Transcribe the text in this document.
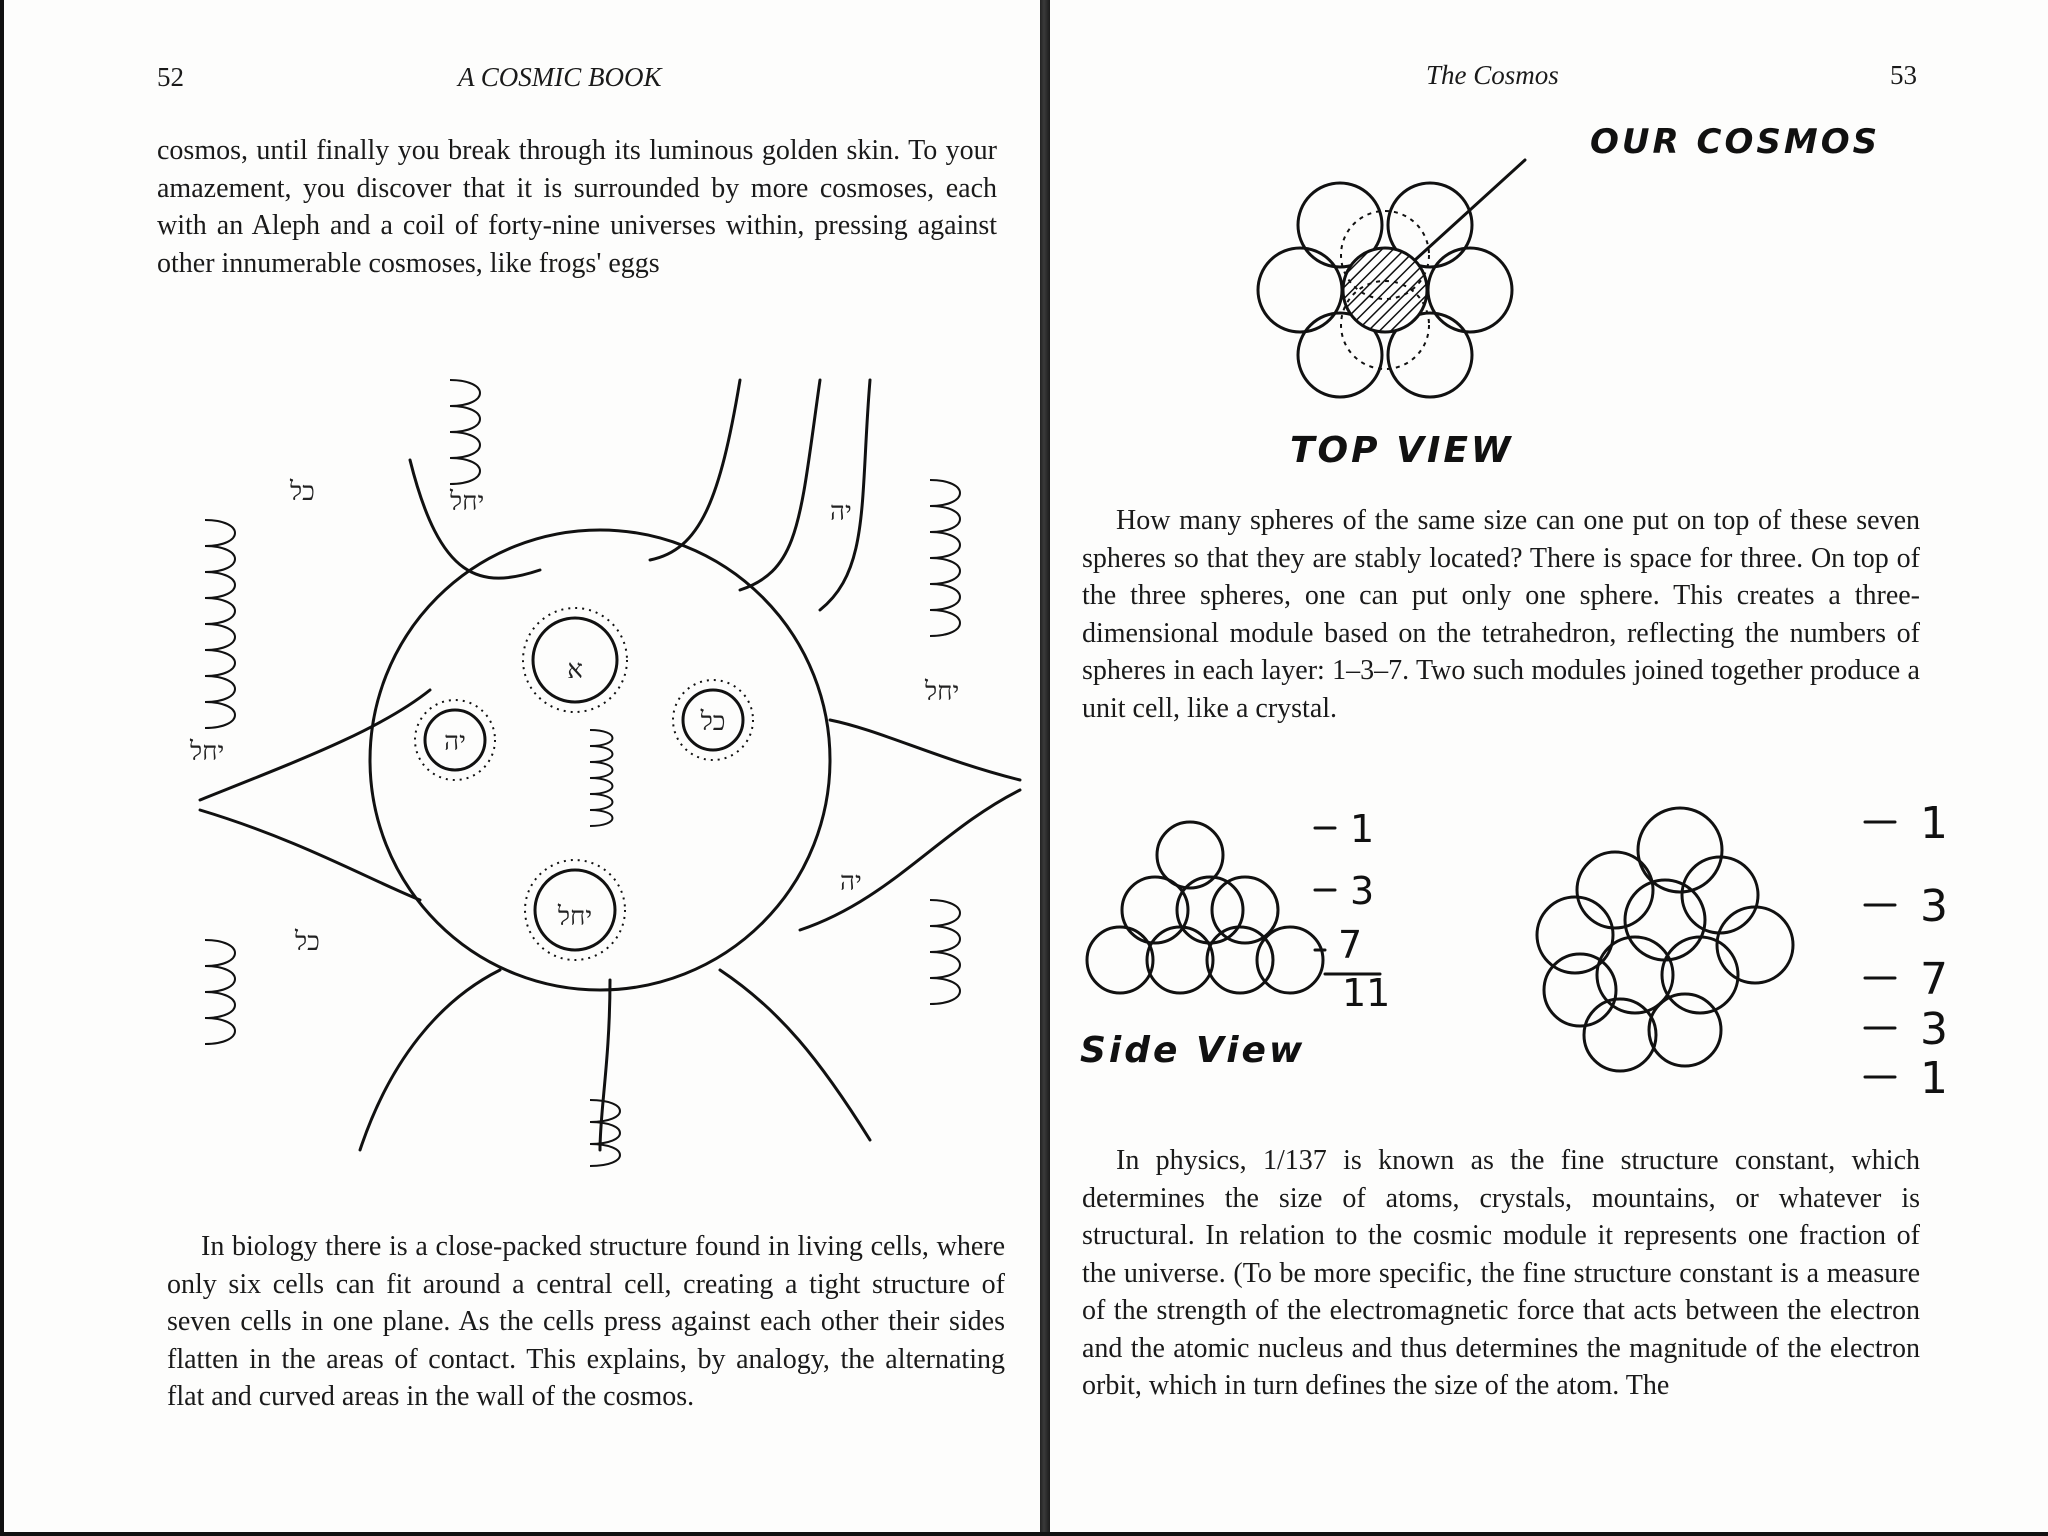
52	A COSMIC BOOK

cosmos, until finally you break through its luminous golden skin. To your amazement, you discover that it is surrounded by more cosmoses, each with an Aleph and a coil of forty-nine universes within, pressing against other innumerable cosmoses, like frogs' eggs

א
יה
כל
יחל
כל
יה
יחל
כל
יה
יחל
יחל

In biology there is a close-packed structure found in living cells, where only six cells can fit around a central cell, creating a tight structure of seven cells in one plane. As the cells press against each other their sides flatten in the areas of contact. This explains, by analogy, the alternating flat and curved areas in the wall of the cosmos.

The Cosmos	53
OUR COSMOS
TOP VIEW

How many spheres of the same size can one put on top of these seven spheres so that they are stably located? There is space for three. On top of the three spheres, one can put only one sphere. This creates a three-dimensional module based on the tetrahedron, reflecting the numbers of spheres in each layer: 1–3–7. Two such modules joined together produce a unit cell, like a crystal.

1
3
7
11
Side View
1
3
7
3
1

In physics, 1/137 is known as the fine structure constant, which determines the size of atoms, crystals, mountains, or whatever is structural. In relation to the cosmic module it represents one fraction of the universe. (To be more specific, the fine structure constant is a measure of the strength of the electromagnetic force that acts between the electron and the atomic nucleus and thus determines the magnitude of the electron orbit, which in turn defines the size of the atom. The
